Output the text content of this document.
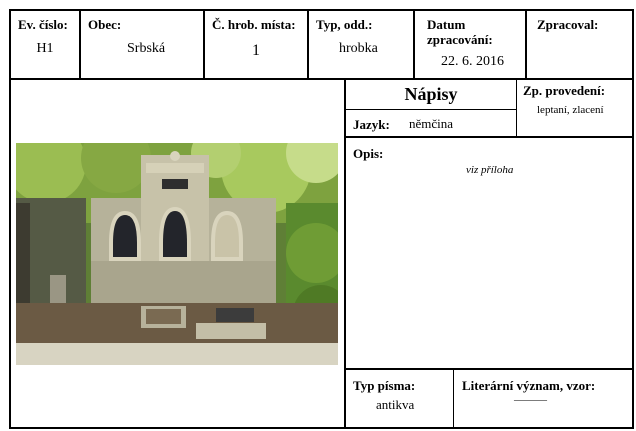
Ev. číslo:
H1
Obec:
Srbská
Č. hrob. místa:
1
Typ, odd.:
hrobka
Datum
zpracování:
22. 6. 2016
Zpracoval:
Nápisy
Jazyk: němčina
Zp. provedení:
leptaní, zlacení
Opis:
viz příloha
Typ písma:
antikva
Literární význam, vzor:
———
